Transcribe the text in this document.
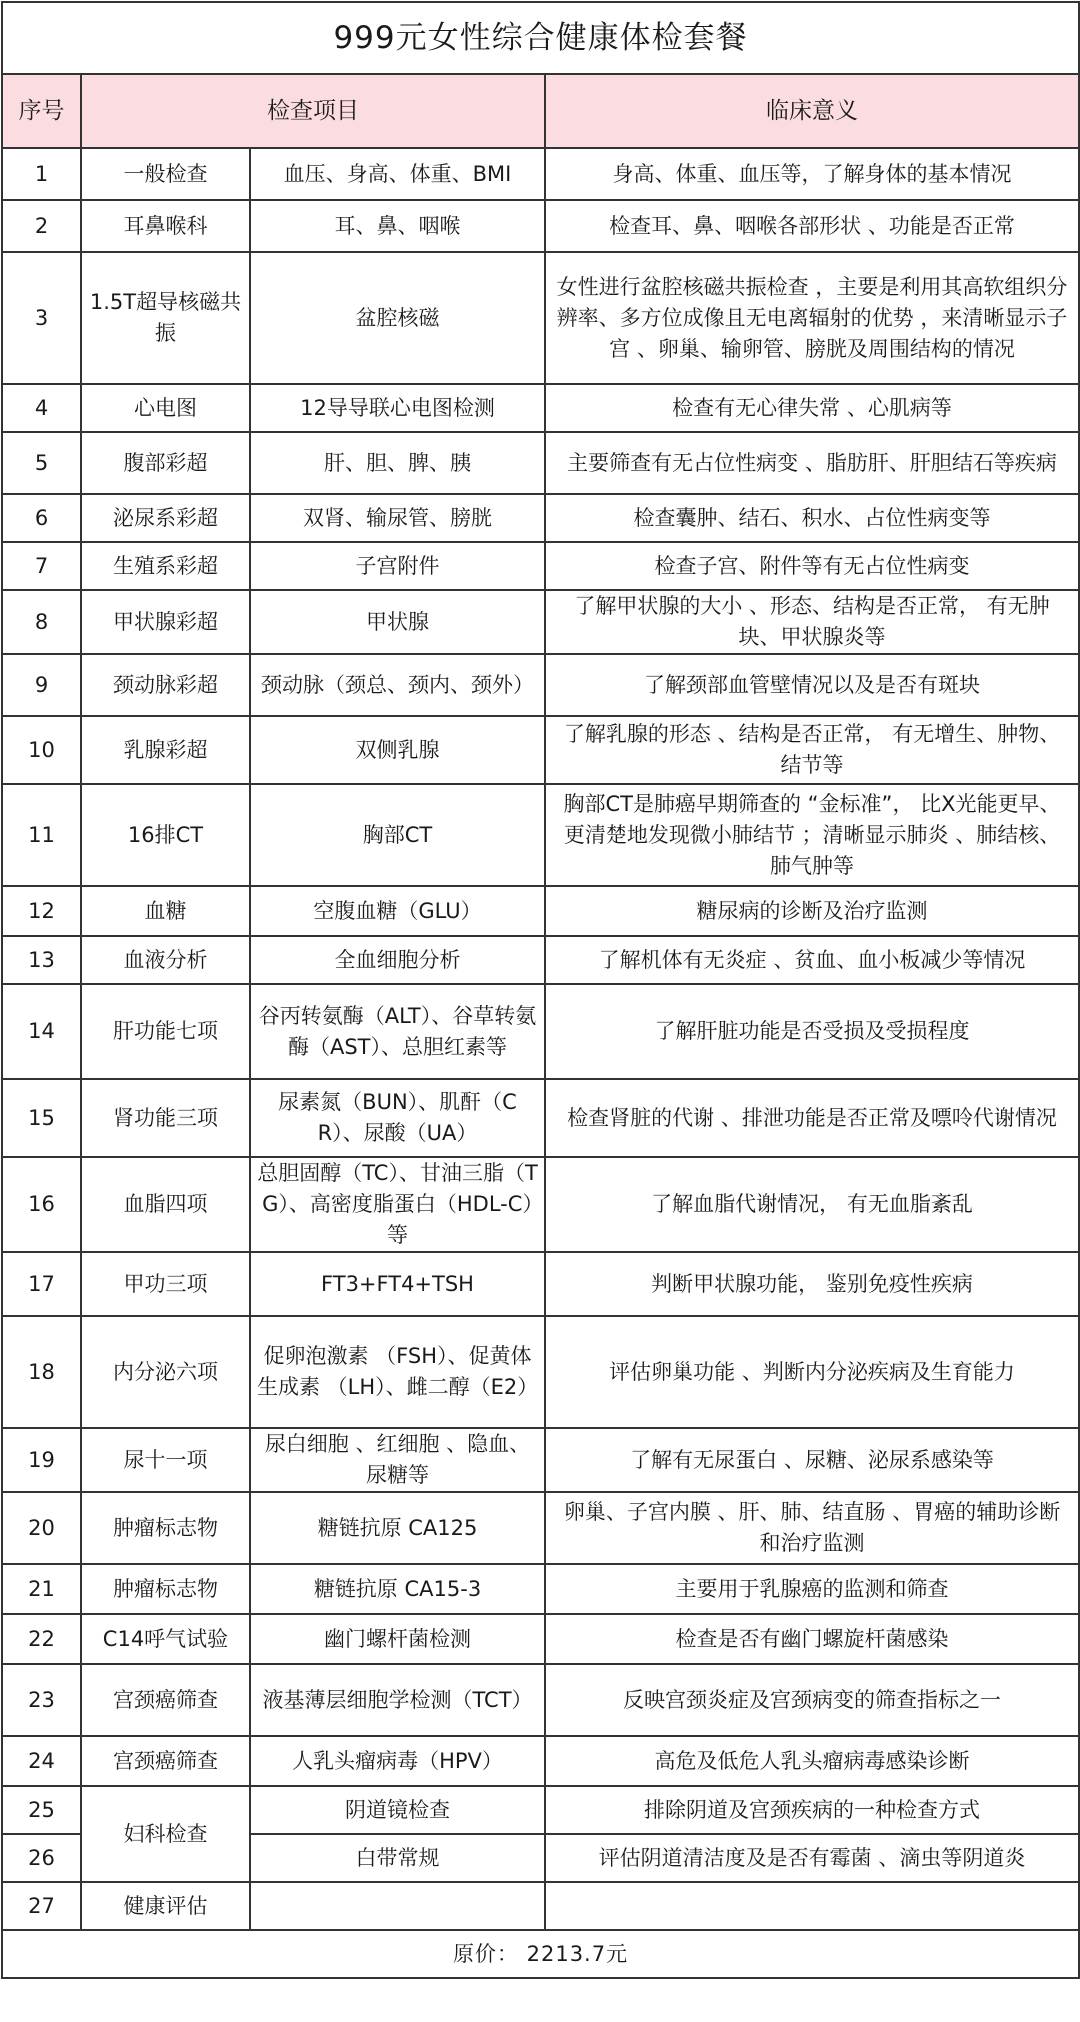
999元女性综合健康体检套餐			
序号	检查项目		临床意义
1	一般检查	血压、身高、体重、BMI	身高、体重、血压等，了解身体的基本情况
2	耳鼻喉科	耳、鼻、咽喉	检查耳、鼻、咽喉各部形状 、功能是否正常
3	1.5T超导核磁共振	盆腔核磁	女性进行盆腔核磁共振检查 ，主要是利用其高软组织分辨率、多方位成像且无电离辐射的优势 ，来清晰显示子宫 、卵巢、输卵管、膀胱及周围结构的情况
4	心电图	12导导联心电图检测	检查有无心律失常 、心肌病等
5	腹部彩超	肝、胆、脾、胰	主要筛查有无占位性病变 、脂肪肝、肝胆结石等疾病
6	泌尿系彩超	双肾、输尿管、膀胱	检查囊肿、结石、积水、占位性病变等
7	生殖系彩超	子宫附件	检查子宫、附件等有无占位性病变
8	甲状腺彩超	甲状腺	了解甲状腺的大小 、形态、结构是否正常， 有无肿块、甲状腺炎等
9	颈动脉彩超	颈动脉（颈总、颈内、颈外）	了解颈部血管壁情况以及是否有斑块
10	乳腺彩超	双侧乳腺	了解乳腺的形态 、结构是否正常， 有无增生、肿物、结节等
11	16排CT	胸部CT	胸部CT是肺癌早期筛查的 “金标准”， 比X光能更早、更清楚地发现微小肺结节 ；清晰显示肺炎 、肺结核、肺气肿等
12	血糖	空腹血糖（GLU）	糖尿病的诊断及治疗监测
13	血液分析	全血细胞分析	了解机体有无炎症 、贫血、血小板减少等情况
14	肝功能七项	谷丙转氨酶（ALT）、谷草转氨酶（AST）、总胆红素等	了解肝脏功能是否受损及受损程度
15	肾功能三项	尿素氮（BUN）、肌酐（CR）、尿酸（UA）	检查肾脏的代谢 、排泄功能是否正常及嘌呤代谢情况
16	血脂四项	总胆固醇（TC）、甘油三脂（TG）、高密度脂蛋白（HDL-C）等	了解血脂代谢情况， 有无血脂紊乱
17	甲功三项	FT3+FT4+TSH	判断甲状腺功能， 鉴别免疫性疾病
18	内分泌六项	促卵泡激素 （FSH）、促黄体生成素 （LH）、雌二醇（E2）	评估卵巢功能 、判断内分泌疾病及生育能力
19	尿十一项	尿白细胞 、红细胞 、隐血、尿糖等	了解有无尿蛋白 、尿糖、泌尿系感染等
20	肿瘤标志物	糖链抗原 CA125	卵巢、子宫内膜 、肝、肺、结直肠 、胃癌的辅助诊断和治疗监测
21	肿瘤标志物	糖链抗原 CA15-3	主要用于乳腺癌的监测和筛查
22	C14呼气试验	幽门螺杆菌检测	检查是否有幽门螺旋杆菌感染
23	宫颈癌筛查	液基薄层细胞学检测（TCT）	反映宫颈炎症及宫颈病变的筛查指标之一
24	宫颈癌筛查	人乳头瘤病毒（HPV）	高危及低危人乳头瘤病毒感染诊断
25	妇科检查	阴道镜检查	排除阴道及宫颈疾病的一种检查方式
26		白带常规	评估阴道清洁度及是否有霉菌 、滴虫等阴道炎
27	健康评估		
原价： 2213.7元			
